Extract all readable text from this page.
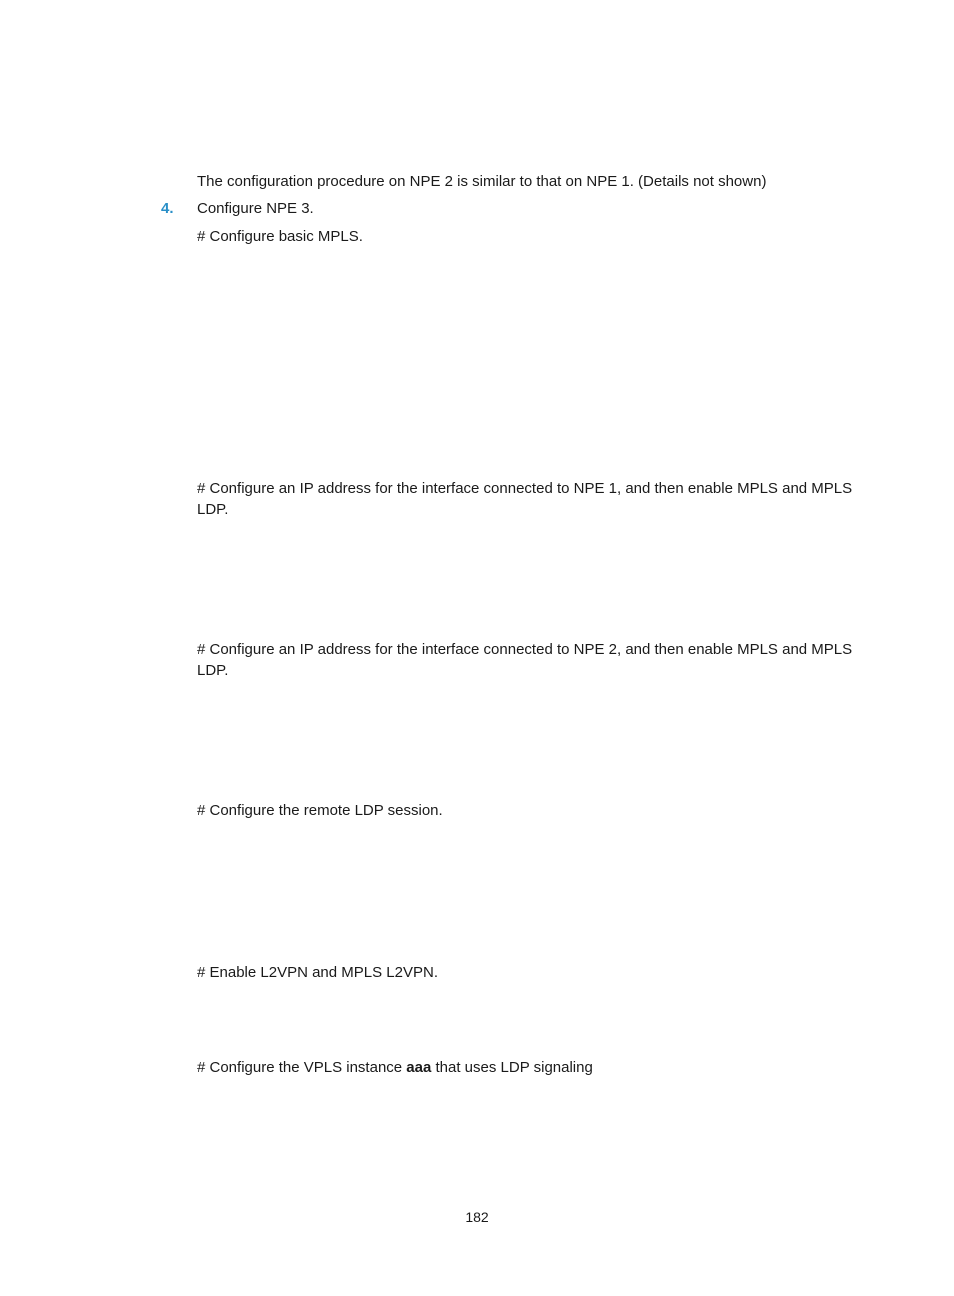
The configuration procedure on NPE 2 is similar to that on NPE 1. (Details not shown)

4. Configure NPE 3.

# Configure basic MPLS.

# Configure an IP address for the interface connected to NPE 1, and then enable MPLS and MPLS LDP.

# Configure an IP address for the interface connected to NPE 2, and then enable MPLS and MPLS LDP.

# Configure the remote LDP session.

# Enable L2VPN and MPLS L2VPN.

# Configure the VPLS instance aaa that uses LDP signaling

182
